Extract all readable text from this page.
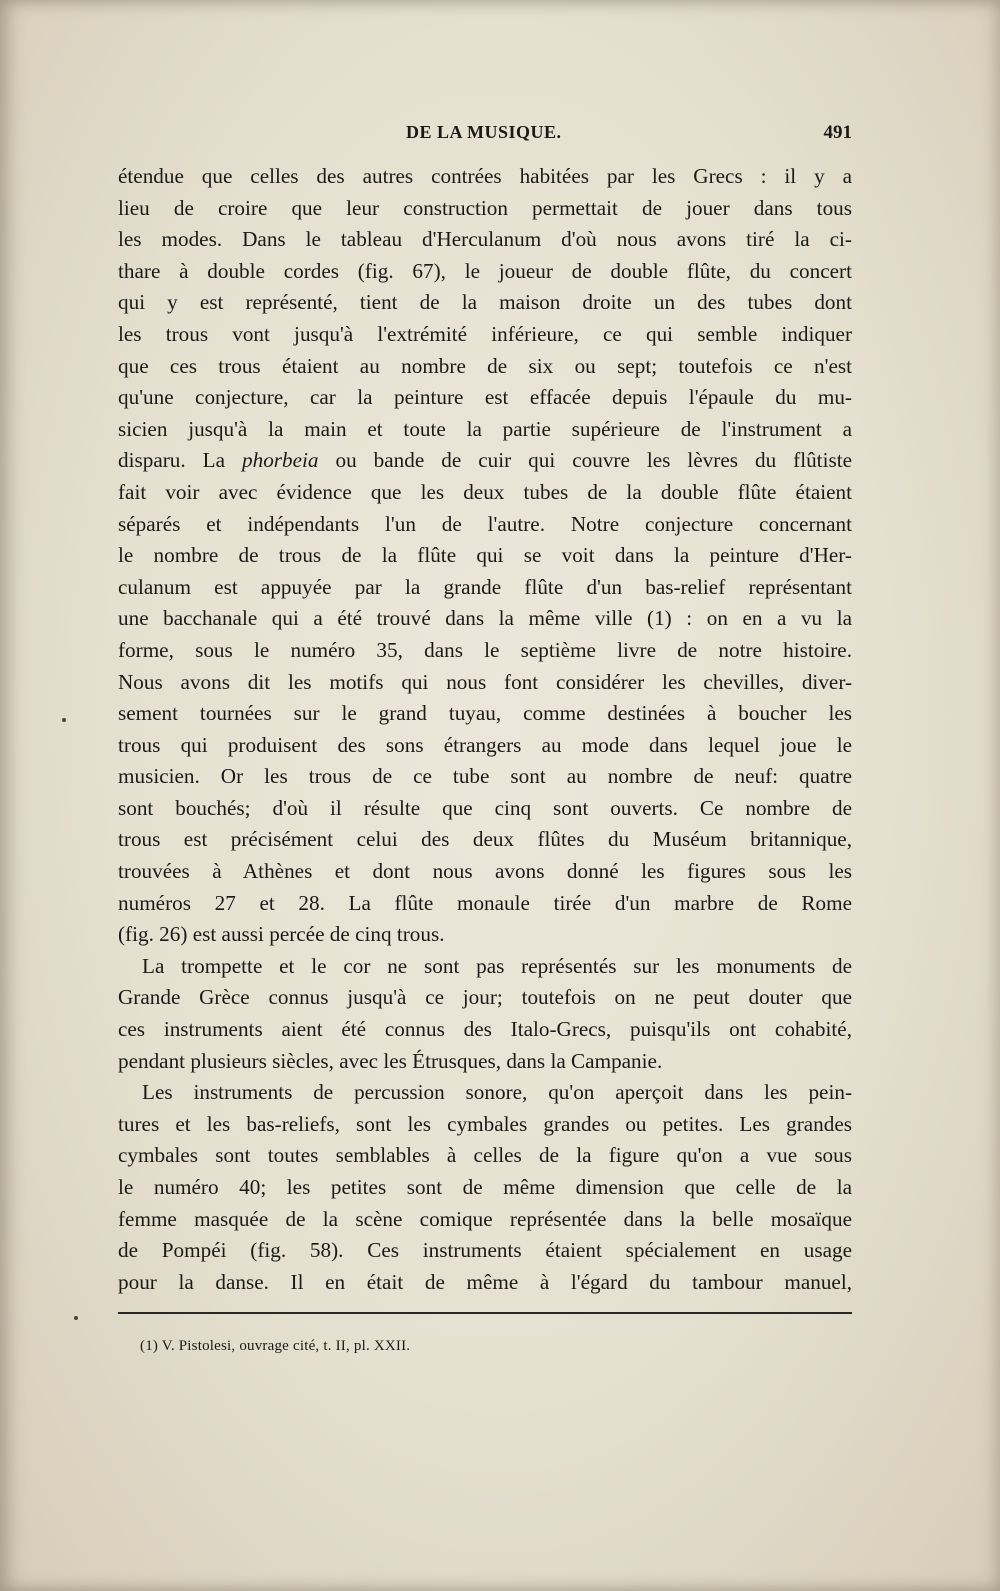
DE LA MUSIQUE.	491
étendue que celles des autres contrées habitées par les Grecs : il y a
lieu de croire que leur construction permettait de jouer dans tous
les modes. Dans le tableau d'Herculanum d'où nous avons tiré la ci-
thare à double cordes (fig. 67), le joueur de double flûte, du concert
qui y est représenté, tient de la maison droite un des tubes dont
les trous vont jusqu'à l'extrémité inférieure, ce qui semble indiquer
que ces trous étaient au nombre de six ou sept; toutefois ce n'est
qu'une conjecture, car la peinture est effacée depuis l'épaule du mu-
sicien jusqu'à la main et toute la partie supérieure de l'instrument a
disparu. La phorbeia ou bande de cuir qui couvre les lèvres du flûtiste
fait voir avec évidence que les deux tubes de la double flûte étaient
séparés et indépendants l'un de l'autre. Notre conjecture concernant
le nombre de trous de la flûte qui se voit dans la peinture d'Her-
culanum est appuyée par la grande flûte d'un bas-relief représentant
une bacchanale qui a été trouvé dans la même ville (1) : on en a vu la
forme, sous le numéro 35, dans le septième livre de notre histoire.
Nous avons dit les motifs qui nous font considérer les chevilles, diver-
sement tournées sur le grand tuyau, comme destinées à boucher les
trous qui produisent des sons étrangers au mode dans lequel joue le
musicien. Or les trous de ce tube sont au nombre de neuf: quatre
sont bouchés; d'où il résulte que cinq sont ouverts. Ce nombre de
trous est précisément celui des deux flûtes du Muséum britannique,
trouvées à Athènes et dont nous avons donné les figures sous les
numéros 27 et 28. La flûte monaule tirée d'un marbre de Rome
(fig. 26) est aussi percée de cinq trous.
La trompette et le cor ne sont pas représentés sur les monuments de
Grande Grèce connus jusqu'à ce jour; toutefois on ne peut douter que
ces instruments aient été connus des Italo-Grecs, puisqu'ils ont cohabité,
pendant plusieurs siècles, avec les Étrusques, dans la Campanie.
Les instruments de percussion sonore, qu'on aperçoit dans les pein-
tures et les bas-reliefs, sont les cymbales grandes ou petites. Les grandes
cymbales sont toutes semblables à celles de la figure qu'on a vue sous
le numéro 40; les petites sont de même dimension que celle de la
femme masquée de la scène comique représentée dans la belle mosaïque
de Pompéi (fig. 58). Ces instruments étaient spécialement en usage
pour la danse. Il en était de même à l'égard du tambour manuel,
(1) V. Pistolesi, ouvrage cité, t. II, pl. XXII.
